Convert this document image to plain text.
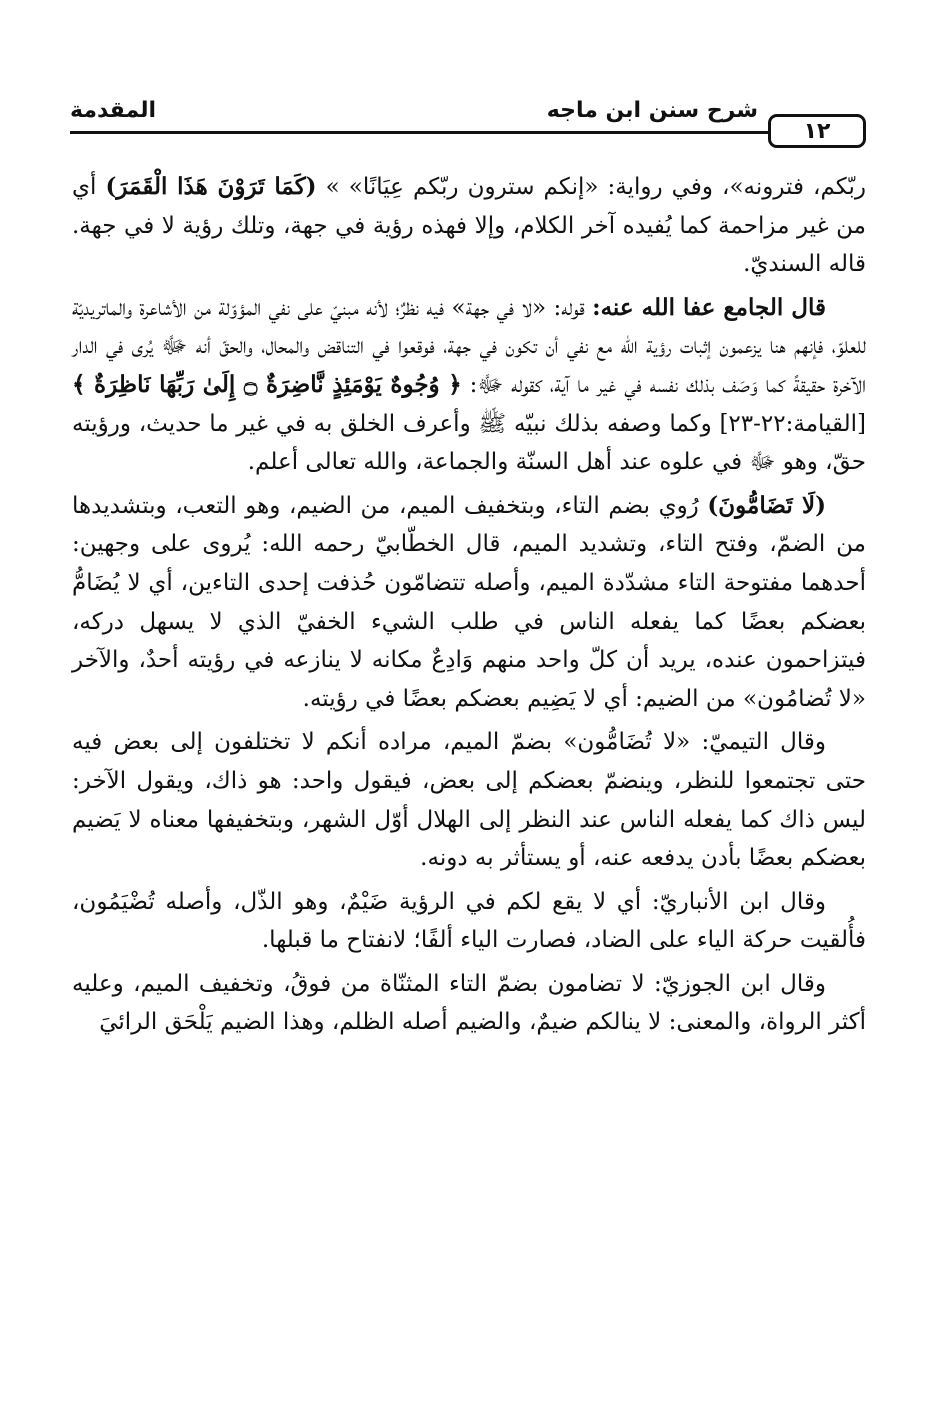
١٢
شرح سنن ابن ماجه
المقدمة

ربّكم، فترونه»، وفي رواية: «إنكم سترون ربّكم عِيَانًا» » (كَمَا تَرَوْنَ هَذَا الْقَمَرَ) أي من غير مزاحمة كما يُفيده آخر الكلام، وإلا فهذه رؤية في جهة، وتلك رؤية لا في جهة. قاله السنديّ.

قال الجامع عفا الله عنه: قوله: «لا في جهة» فيه نظرٌ؛ لأنه مبنيّ على نفي المؤوّلة من الأشاعرة والماتريديّة للعلوّ، فإنهم هنا يزعمون إثبات رؤية الله مع نفي أن تكون في جهة، فوقعوا في التناقض والمحال، والحقّ أنه ﷻ يُرى في الدار الآخرة حقيقةً كما وَصَف بذلك نفسه في غير ما آية، كقوله ﷻ: ﴿ وُجُوهٌ يَوْمَئِذٍ نَّاضِرَةٌ ۝ إِلَىٰ رَبِّهَا نَاظِرَةٌ ﴾ [القيامة:٢٢-٢٣] وكما وصفه بذلك نبيّه ﷺ وأعرف الخلق به في غير ما حديث، ورؤيته حقّ، وهو ﷻ في علوه عند أهل السنّة والجماعة، والله تعالى أعلم.

(لَا تَضَامُّونَ) رُوي بضم التاء، وبتخفيف الميم، من الضيم، وهو التعب، وبتشديدها من الضمّ، وفتح التاء، وتشديد الميم، قال الخطّابيّ رحمه الله: يُروى على وجهين: أحدهما مفتوحة التاء مشدّدة الميم، وأصله تتضامّون حُذفت إحدى التاءين، أي لا يُضَامُّ بعضكم بعضًا كما يفعله الناس في طلب الشيء الخفيّ الذي لا يسهل دركه، فيتزاحمون عنده، يريد أن كلّ واحد منهم وَادِعٌ مكانه لا ينازعه في رؤيته أحدٌ، والآخر «لا تُضامُون» من الضيم: أي لا يَضِيم بعضكم بعضًا في رؤيته.

وقال التيميّ: «لا تُضَامُّون» بضمّ الميم، مراده أنكم لا تختلفون إلى بعض فيه حتى تجتمعوا للنظر، وينضمّ بعضكم إلى بعض، فيقول واحد: هو ذاك، ويقول الآخر: ليس ذاك كما يفعله الناس عند النظر إلى الهلال أوّل الشهر، وبتخفيفها معناه لا يَضيم بعضكم بعضًا بأدن يدفعه عنه، أو يستأثر به دونه.

وقال ابن الأنباريّ: أي لا يقع لكم في الرؤية ضَيْمٌ، وهو الذّل، وأصله تُضْيَمُون، فأُلقيت حركة الياء على الضاد، فصارت الياء ألفًا؛ لانفتاح ما قبلها.

وقال ابن الجوزيّ: لا تضامون بضمّ التاء المثنّاة من فوقُ، وتخفيف الميم، وعليه أكثر الرواة، والمعنى: لا ينالكم ضيمٌ، والضيم أصله الظلم، وهذا الضيم يَلْحَق الرائيَ
